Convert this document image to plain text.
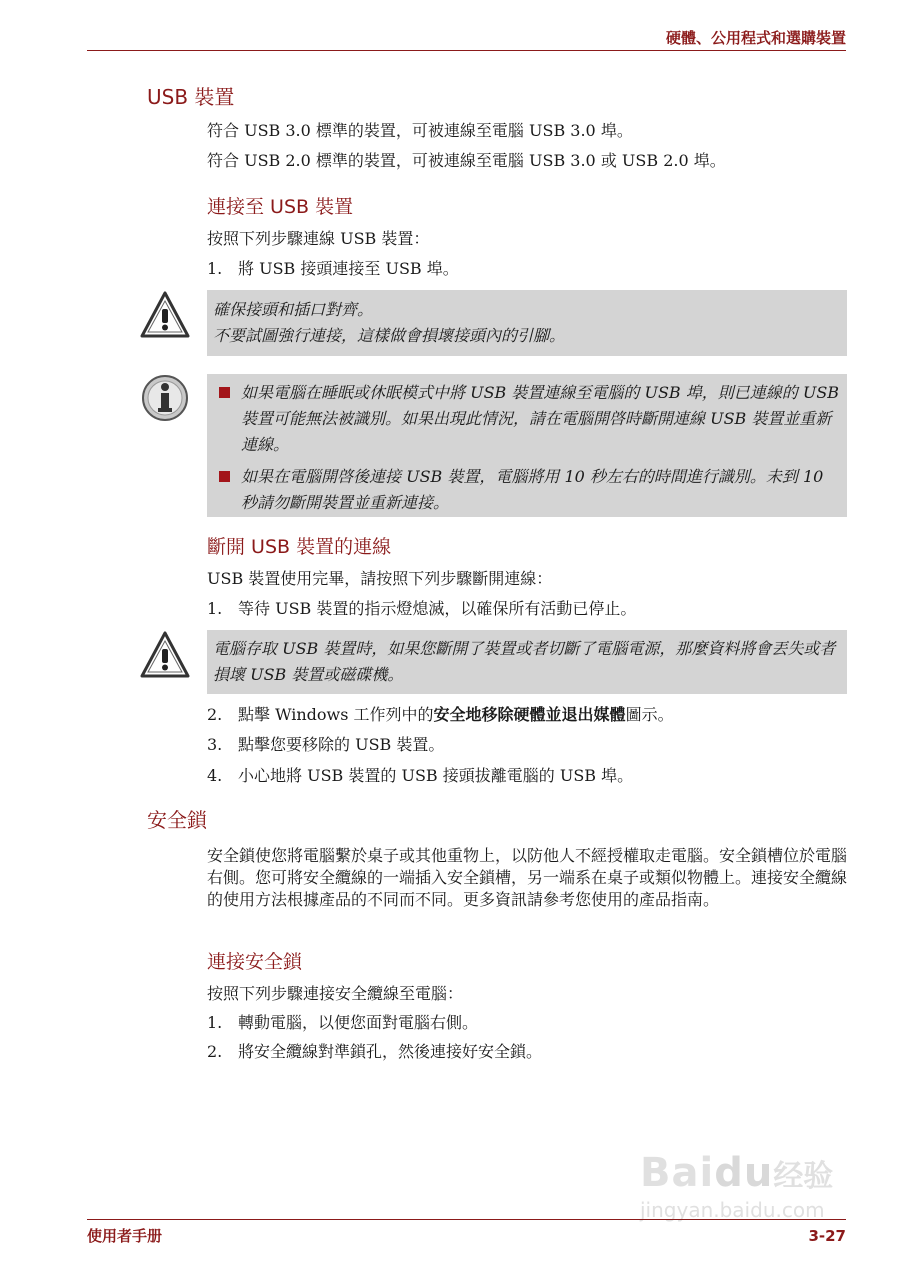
硬體、公用程式和選購裝置
USB 裝置
符合 USB 3.0 標準的裝置，可被連線至電腦 USB 3.0 埠。
符合 USB 2.0 標準的裝置，可被連線至電腦 USB 3.0 或 USB 2.0 埠。
連接至 USB 裝置
按照下列步驟連線 USB 裝置：
1. 將 USB 接頭連接至 USB 埠。
確保接頭和插口對齊。
不要試圖強行連接，這樣做會損壞接頭內的引腳。
如果電腦在睡眠或休眠模式中將 USB 裝置連線至電腦的 USB 埠，則已連線的 USB 裝置可能無法被識別。如果出現此情況，請在電腦開啓時斷開連線 USB 裝置並重新連線。
如果在電腦開啓後連接 USB 裝置，電腦將用 10 秒左右的時間進行識別。未到 10 秒請勿斷開裝置並重新連接。
斷開 USB 裝置的連線
USB 裝置使用完畢，請按照下列步驟斷開連線：
1. 等待 USB 裝置的指示燈熄滅，以確保所有活動已停止。
電腦存取 USB 裝置時，如果您斷開了裝置或者切斷了電腦電源，那麼資料將會丟失或者損壞 USB 裝置或磁碟機。
2. 點擊 Windows 工作列中的安全地移除硬體並退出媒體圖示。
3. 點擊您要移除的 USB 裝置。
4. 小心地將 USB 裝置的 USB 接頭拔離電腦的 USB 埠。
安全鎖
安全鎖使您將電腦繫於桌子或其他重物上，以防他人不經授權取走電腦。安全鎖槽位於電腦右側。您可將安全纜線的一端插入安全鎖槽，另一端系在桌子或類似物體上。連接安全纜線的使用方法根據產品的不同而不同。更多資訊請參考您使用的產品指南。
連接安全鎖
按照下列步驟連接安全纜線至電腦：
1. 轉動電腦，以便您面對電腦右側。
2. 將安全纜線對準鎖孔，然後連接好安全鎖。
Baidu经验
jingyan.baidu.com
使用者手册	3-27
